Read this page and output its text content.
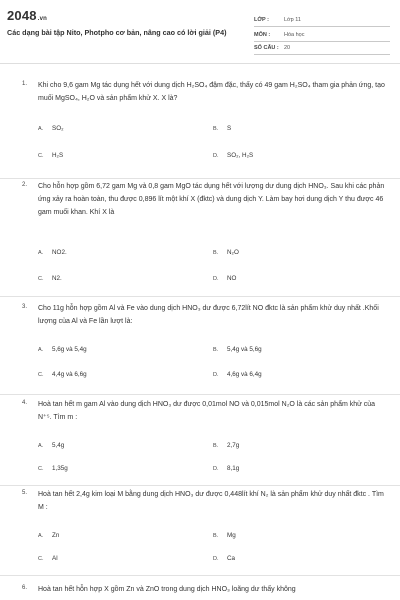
2048.vn
Các dạng bài tập Nito, Photpho cơ bản, nâng cao có lời giải (P4)
LỚP :	Lớp 11
MÔN :	Hóa học
SỐ CÂU : 20
1. Khi cho 9,6 gam Mg tác dụng hết với dung dịch H₂SO₄ đậm đặc, thấy có 49 gam H₂SO₄ tham gia phản ứng, tạo muối MgSO₄, H₂O và sản phẩm khử X. X là?
A. SO₂	B. S
C. H₂S	D. SO₂, H₂S
2. Cho hỗn hợp gồm 6,72 gam Mg và 0,8 gam MgO tác dụng hết với lượng dư dung dịch HNO₃. Sau khi các phản ứng xảy ra hoàn toàn, thu được 0,896 lít một khí X (đktc) và dung dịch Y. Làm bay hơi dung dịch Y thu được 46 gam muối khan. Khí X là
A. NO2.	B. N₂O
C. N2.	D. NO
3. Cho 11g hỗn hợp gồm Al và Fe vào dung dịch HNO₃ dư được 6,72lít NO đktc là sản phẩm khử duy nhất .Khối lượng của Al và Fe lần lượt là:
A. 5,6g và 5,4g	B. 5,4g và 5,6g
C. 4,4g và 6,6g	D. 4,6g và 6,4g
4. Hoà tan hết m gam Al vào dung dịch HNO₃ dư được 0,01mol NO và 0,015mol N₂O là các sản phẩm khử của N⁺⁵. Tìm m :
A. 5,4g	B. 2,7g
C. 1,35g	D. 8,1g
5. Hoà tan hết 2,4g kim loại M bằng dung dịch HNO₃ dư được 0,448lít khí N₂ là sản phẩm khử duy nhất đktc . Tìm M :
A. Zn	B. Mg
C. Al	D. Ca
6. Hoà tan hết hỗn hợp X gồm Zn và ZnO trong dung dịch HNO₃ loãng dư thấy không
